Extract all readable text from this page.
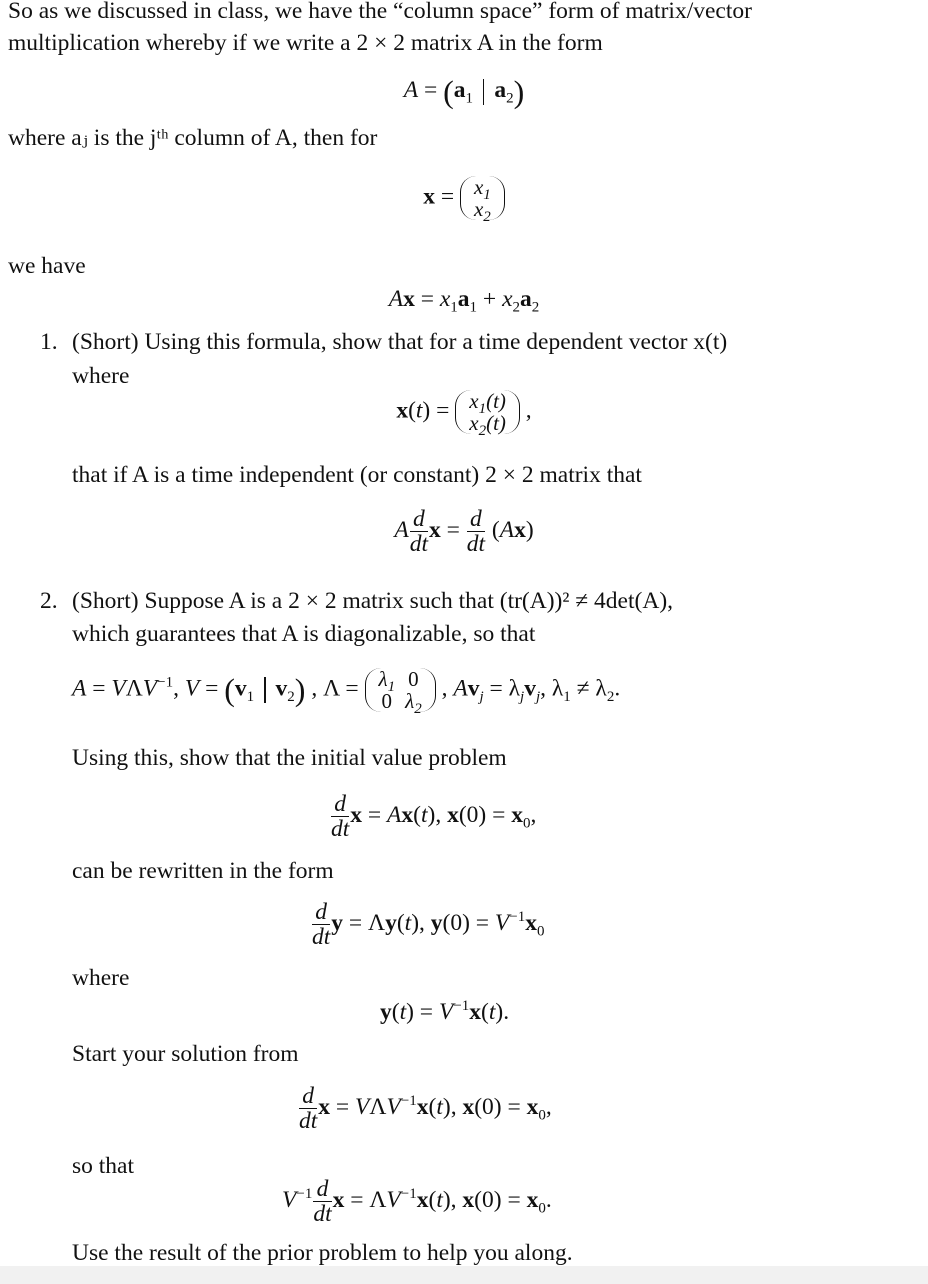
So as we discussed in class, we have the “column space” form of matrix/vector
multiplication whereby if we write a 2 × 2 matrix A in the form
$A = (a_1$ $a_2$)
where aⱼ is the jᵗʰ column of A, then for
$x = x_1$
$x_2$
we have
$Ax = x_1a_1 + x_2a_2$
1. (Short) Using this formula, show that for a time dependent vector x(t)
where
$x(t) = x_1(t)$
$x_2(t)$ ,
that if A is a time independent (or constant) 2 × 2 matrix that
A $\frac{d}{dt}$ $x = \frac{d}{dt} (Ax)$
2. (Short) Suppose A is a 2 × 2 matrix such that (tr(A))² ≠ 4det(A),
which guarantees that A is diagonalizable, so that
$A = V\Lambda V^{-1}$, $V = (v_1$ $v_2$) , $\Lambda = \lambda_1$	0
0	$\lambda_2$
, $Av_j = \lambda_jv_j$, $\lambda_1 \ne \lambda_2$.
Using this, show that the initial value problem
$\frac{d}{dt}$ x = Ax(t), $x(0) = x_0$,
can be rewritten in the form
$\frac{d}{dt}$ y = Λy(t), $y(0) = V^{-1}x_0$
where
$y(t) = V^{-1}x(t)$.
Start your solution from
$\frac{d}{dt}$ $x = V\Lambda V^{-1}x(t)$, $x(0) = x_0$,
so that
$V^{-1} \frac{d}{dt}$ $x = \Lambda V^{-1}x(t)$, $x(0) = x_0$.
Use the result of the prior problem to help you along.
